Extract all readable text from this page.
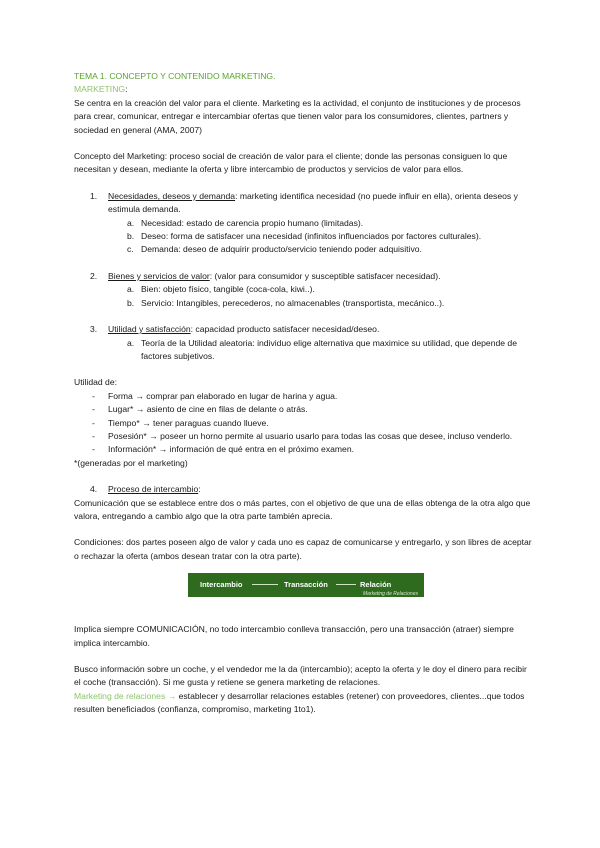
TEMA 1. CONCEPTO Y CONTENIDO MARKETING.

MARKETING:

Se centra en la creación del valor para el cliente. Marketing es la actividad, el conjunto de instituciones y de procesos para crear, comunicar, entregar e intercambiar ofertas que tienen valor para los consumidores, clientes, partners y sociedad en general (AMA, 2007)

Concepto del Marketing: proceso social de creación de valor para el cliente; donde las personas consiguen lo que necesitan y desean, mediante la oferta y libre intercambio de productos y servicios de valor para ellos.

1. Necesidades, deseos y demanda: marketing identifica necesidad (no puede influir en ella), orienta deseos y estimula demanda.
a. Necesidad: estado de carencia propio humano (limitadas).
b. Deseo: forma de satisfacer una necesidad (infinitos influenciados por factores culturales).
c. Demanda: deseo de adquirir producto/servicio teniendo poder adquisitivo.
2. Bienes y servicios de valor: (valor para consumidor y susceptible satisfacer necesidad).
a. Bien: objeto físico, tangible (coca-cola, kiwi..).
b. Servicio: Intangibles, perecederos, no almacenables (transportista, mecánico..).
3. Utilidad y satisfacción: capacidad producto satisfacer necesidad/deseo.
a. Teoría de la Utilidad aleatoria: individuo elige alternativa que maximice su utilidad, que depende de factores subjetivos.

Utilidad de:

- Forma → comprar pan elaborado en lugar de harina y agua.
- Lugar* → asiento de cine en filas de delante o atrás.
- Tiempo* → tener paraguas cuando llueve.
- Posesión* → poseer un horno permite al usuario usarlo para todas las cosas que desee, incluso venderlo.
- Información* → información de qué entra en el próximo examen.

*(generadas por el marketing)

4. Proceso de intercambio:

Comunicación que se establece entre dos o más partes, con el objetivo de que una de ellas obtenga de la otra algo que valora, entregando a cambio algo que la otra parte también aprecia.

Condiciones: dos partes poseen algo de valor y cada uno es capaz de comunicarse y entregarlo, y son libres de aceptar o rechazar la oferta (ambos desean tratar con la otra parte).

Intercambio	Transacción	Relación
Marketing de Relaciones

Implica siempre COMUNICACIÓN, no todo intercambio conlleva transacción, pero una transacción (atraer) siempre implica intercambio.

Busco información sobre un coche, y el vendedor me la da (intercambio); acepto la oferta y le doy el dinero para recibir el coche (transacción). Si me gusta y retiene se genera marketing de relaciones.

Marketing de relaciones → establecer y desarrollar relaciones estables (retener) con proveedores, clientes...que todos resulten beneficiados (confianza, compromiso, marketing 1to1).
